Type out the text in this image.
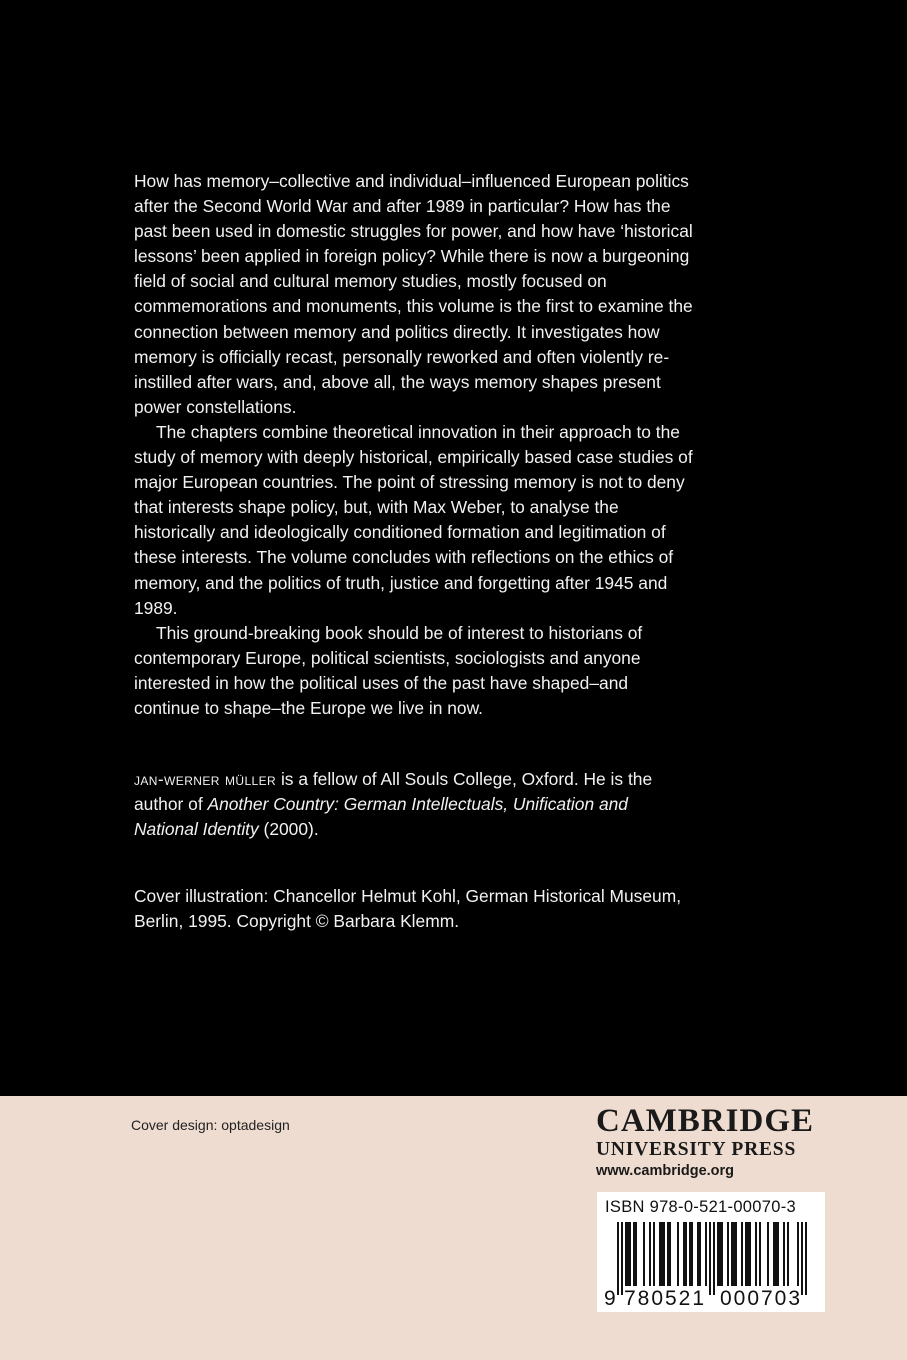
How has memory–collective and individual–influenced European politics after the Second World War and after 1989 in particular? How has the past been used in domestic struggles for power, and how have ‘historical lessons’ been applied in foreign policy? While there is now a burgeoning field of social and cultural memory studies, mostly focused on commemorations and monuments, this volume is the first to examine the connection between memory and politics directly. It investigates how memory is officially recast, personally reworked and often violently re-instilled after wars, and, above all, the ways memory shapes present power constellations.

The chapters combine theoretical innovation in their approach to the study of memory with deeply historical, empirically based case studies of major European countries. The point of stressing memory is not to deny that interests shape policy, but, with Max Weber, to analyse the historically and ideologically conditioned formation and legitimation of these interests. The volume concludes with reflections on the ethics of memory, and the politics of truth, justice and forgetting after 1945 and 1989.

This ground-breaking book should be of interest to historians of contemporary Europe, political scientists, sociologists and anyone interested in how the political uses of the past have shaped–and continue to shape–the Europe we live in now.

jan-werner müller is a fellow of All Souls College, Oxford. He is the author of Another Country: German Intellectuals, Unification and National Identity (2000).
Cover illustration: Chancellor Helmut Kohl, German Historical Museum, Berlin, 1995. Copyright © Barbara Klemm.
Cover design: optadesign	CAMBRIDGE
UNIVERSITY PRESS
www.cambridge.org
9 780521 000703
ISBN 978-0-521-00070-3
